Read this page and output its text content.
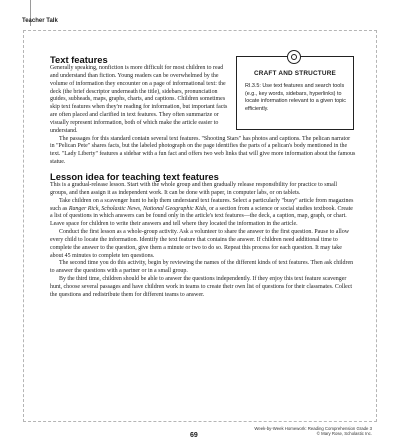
Teacher Talk
CRAFT AND STRUCTURE
RI.3.5: Use text features and search tools (e.g., key words, sidebars, hyperlinks) to locate information relevant to a given topic efficiently.
Text features

Generally speaking, nonfiction is more difficult for most children to read and understand than fiction. Young readers can be overwhelmed by the volume of information they encounter on a page of informational text: the deck (the brief descriptor underneath the title), sidebars, pronunciation guides, subheads, maps, graphs, charts, and captions. Children sometimes skip text features when they're reading for information, but important facts are often placed and clarified in text features. They often summarize or visually represent information, both of which make the article easier to understand.

The passages for this standard contain several text features. "Shooting Stars" has photos and captions. The pelican narrator in "Pelican Pete" shares facts, but the labeled photograph on the page identifies the parts of a pelican's body mentioned in the text. "Lady Liberty" features a sidebar with a fun fact and offers two web links that will give more information about the famous statue.

Lesson idea for teaching text features

This is a gradual-release lesson. Start with the whole group and then gradually release responsibility for practice to small groups, and then assign it as independent work. It can be done with paper, in computer labs, or on tablets.

Take children on a scavenger hunt to help them understand text features. Select a particularly "busy" article from magazines such as Ranger Rick, Scholastic News, National Geographic Kids, or a section from a science or social studies textbook. Create a list of questions in which answers can be found only in the article's text features—the deck, a caption, map, graph, or chart. Leave space for children to write their answers and tell where they located the information in the article.

Conduct the first lesson as a whole-group activity. Ask a volunteer to share the answer to the first question. Pause to allow every child to locate the information. Identify the text feature that contains the answer. If children need additional time to complete the answer to the question, give them a minute or two to do so. Repeat this process for each question. It may take about 45 minutes to complete ten questions.

The second time you do this activity, begin by reviewing the names of the different kinds of text features. Then ask children to answer the questions with a partner or in a small group.

By the third time, children should be able to answer the questions independently. If they enjoy this text feature scavenger hunt, choose several passages and have children work in teams to create their own list of questions for their classmates. Collect the questions and redistribute them for different teams to answer.

69
Week-by-Week Homework: Reading Comprehension Grade 3
© Mary Rose, Scholastic Inc.
